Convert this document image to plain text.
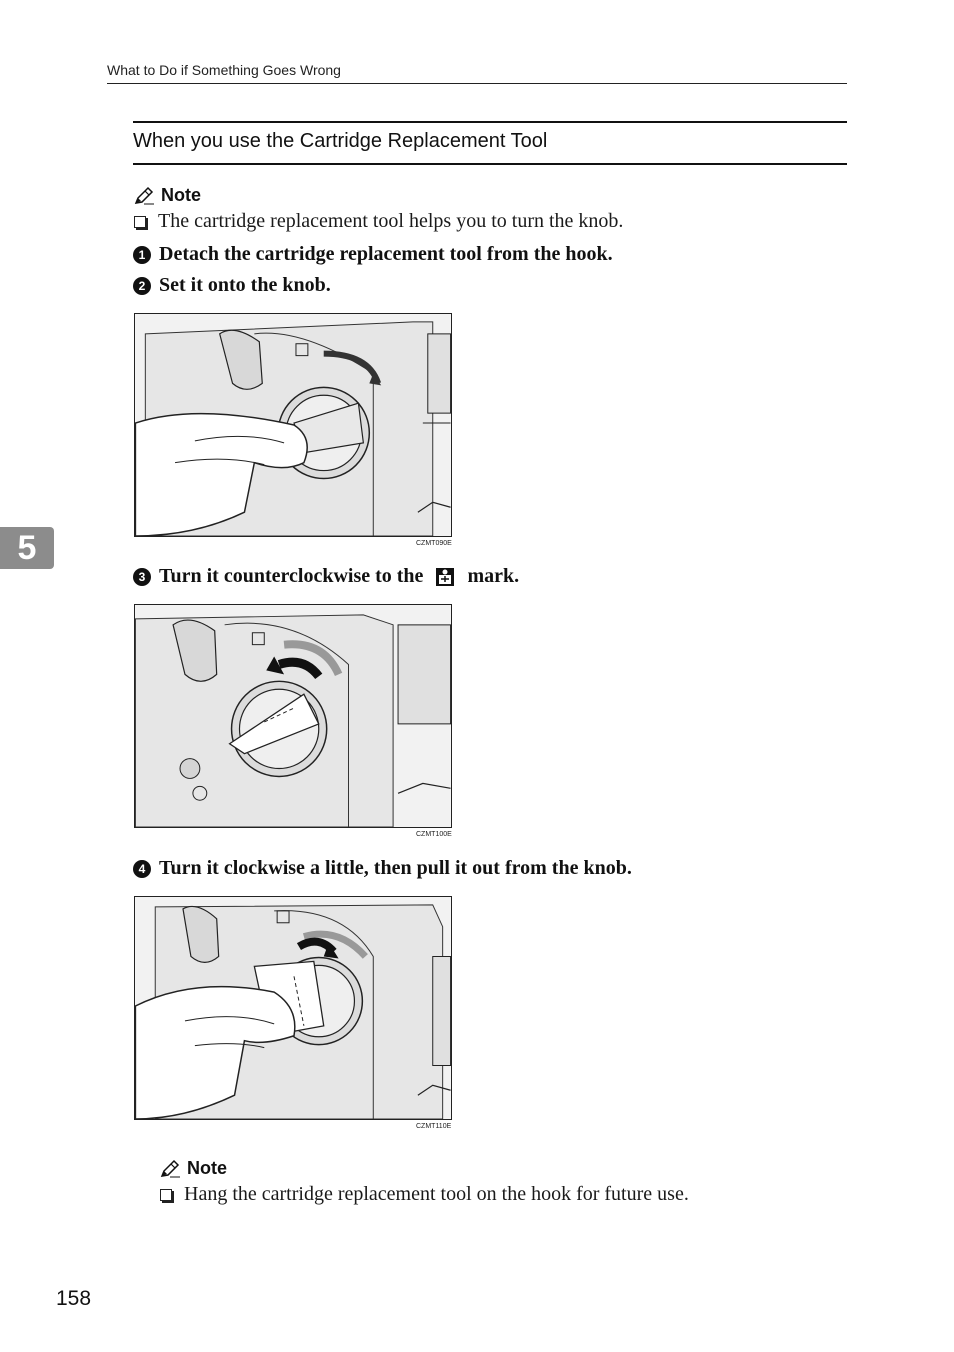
What to Do if Something Goes Wrong
When you use the Cartridge Replacement Tool
Note
The cartridge replacement tool helps you to turn the knob.
1 Detach the cartridge replacement tool from the hook.
2 Set it onto the knob.
CZMT090E
5
3 Turn it counterclockwise to the mark.
CZMT100E
4 Turn it clockwise a little, then pull it out from the knob.
CZMT110E
Note
Hang the cartridge replacement tool on the hook for future use.
158
